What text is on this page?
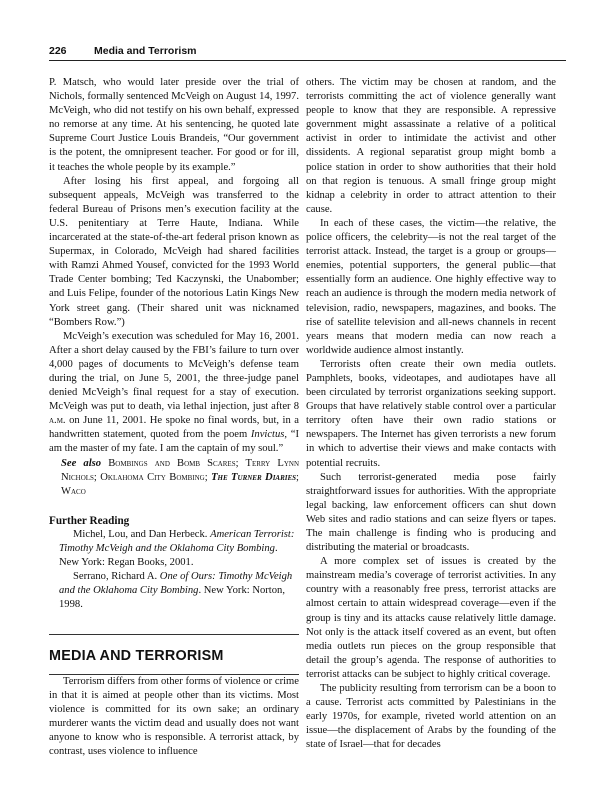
226	Media and Terrorism

P. Matsch, who would later preside over the trial of Nichols, formally sentenced McVeigh on August 14, 1997. McVeigh, who did not testify on his own behalf, expressed no remorse at any time. At his sentencing, he quoted late Supreme Court Justice Louis Brandeis, “Our government is the potent, the omnipresent teacher. For good or for ill, it teaches the whole people by its example.”

After losing his first appeal, and forgoing all subsequent appeals, McVeigh was transferred to the federal Bureau of Prisons men’s execution facility at the U.S. penitentiary at Terre Haute, Indiana. While incarcerated at the state-of-the-art federal prison known as Supermax, in Colorado, McVeigh had shared facilities with Ramzi Ahmed Yousef, convicted for the 1993 World Trade Center bombing; Ted Kaczynski, the Unabomber; and Luis Felipe, founder of the notorious Latin Kings New York street gang. (Their shared unit was nicknamed “Bombers Row.”)

McVeigh’s execution was scheduled for May 16, 2001. After a short delay caused by the FBI’s failure to turn over 4,000 pages of documents to McVeigh’s defense team during the trial, on June 5, 2001, the three-judge panel denied McVeigh’s final request for a stay of execution. McVeigh was put to death, via lethal injection, just after 8 a.m. on June 11, 2001. He spoke no final words, but, in a handwritten statement, quoted from the poem Invictus, “I am the master of my fate. I am the captain of my soul.”

See also Bombings and Bomb Scares; Terry Lynn Nichols; Oklahoma City Bombing; The Turner Diaries; Waco

Further Reading

Michel, Lou, and Dan Herbeck. American Terrorist: Timothy McVeigh and the Oklahoma City Bombing. New York: Regan Books, 2001.

Serrano, Richard A. One of Ours: Timothy McVeigh and the Oklahoma City Bombing. New York: Norton, 1998.

MEDIA AND TERRORISM

Terrorism differs from other forms of violence or crime in that it is aimed at people other than its victims. Most violence is committed for its own sake; an ordinary murderer wants the victim dead and usually does not want anyone to know who is responsible. A terrorist attack, by contrast, uses violence to influence

others. The victim may be chosen at random, and the terrorists committing the act of violence generally want people to know that they are responsible. A repressive government might assassinate a relative of a political activist in order to intimidate the activist and other dissidents. A regional separatist group might bomb a police station in order to show authorities that their hold on that region is tenuous. A small fringe group might kidnap a celebrity in order to attract attention to their cause.

In each of these cases, the victim—the relative, the police officers, the celebrity—is not the real target of the terrorist attack. Instead, the target is a group or groups—enemies, potential supporters, the general public—that essentially form an audience. One highly effective way to reach an audience is through the modern media network of television, radio, newspapers, magazines, and books. The rise of satellite television and all-news channels in recent years means that modern media can now reach a worldwide audience almost instantly.

Terrorists often create their own media outlets. Pamphlets, books, videotapes, and audiotapes have all been circulated by terrorist organizations seeking support. Groups that have relatively stable control over a particular territory often have their own radio stations or newspapers. The Internet has given terrorists a new forum in which to advertise their views and make contacts with potential recruits.

Such terrorist-generated media pose fairly straightforward issues for authorities. With the appropriate legal backing, law enforcement officers can shut down Web sites and radio stations and can seize flyers or tapes. The main challenge is finding who is producing and distributing the material or broadcasts.

A more complex set of issues is created by the mainstream media’s coverage of terrorist activities. In any country with a reasonably free press, terrorist attacks are almost certain to attain widespread coverage—even if the group is tiny and its attacks cause relatively little damage. Not only is the attack itself covered as an event, but often media outlets run pieces on the group responsible that detail the group’s agenda. The response of authorities to terrorist attacks can be subject to highly critical coverage.

The publicity resulting from terrorism can be a boon to a cause. Terrorist acts committed by Palestinians in the early 1970s, for example, riveted world attention on an issue—the displacement of Arabs by the founding of the state of Israel—that for decades
